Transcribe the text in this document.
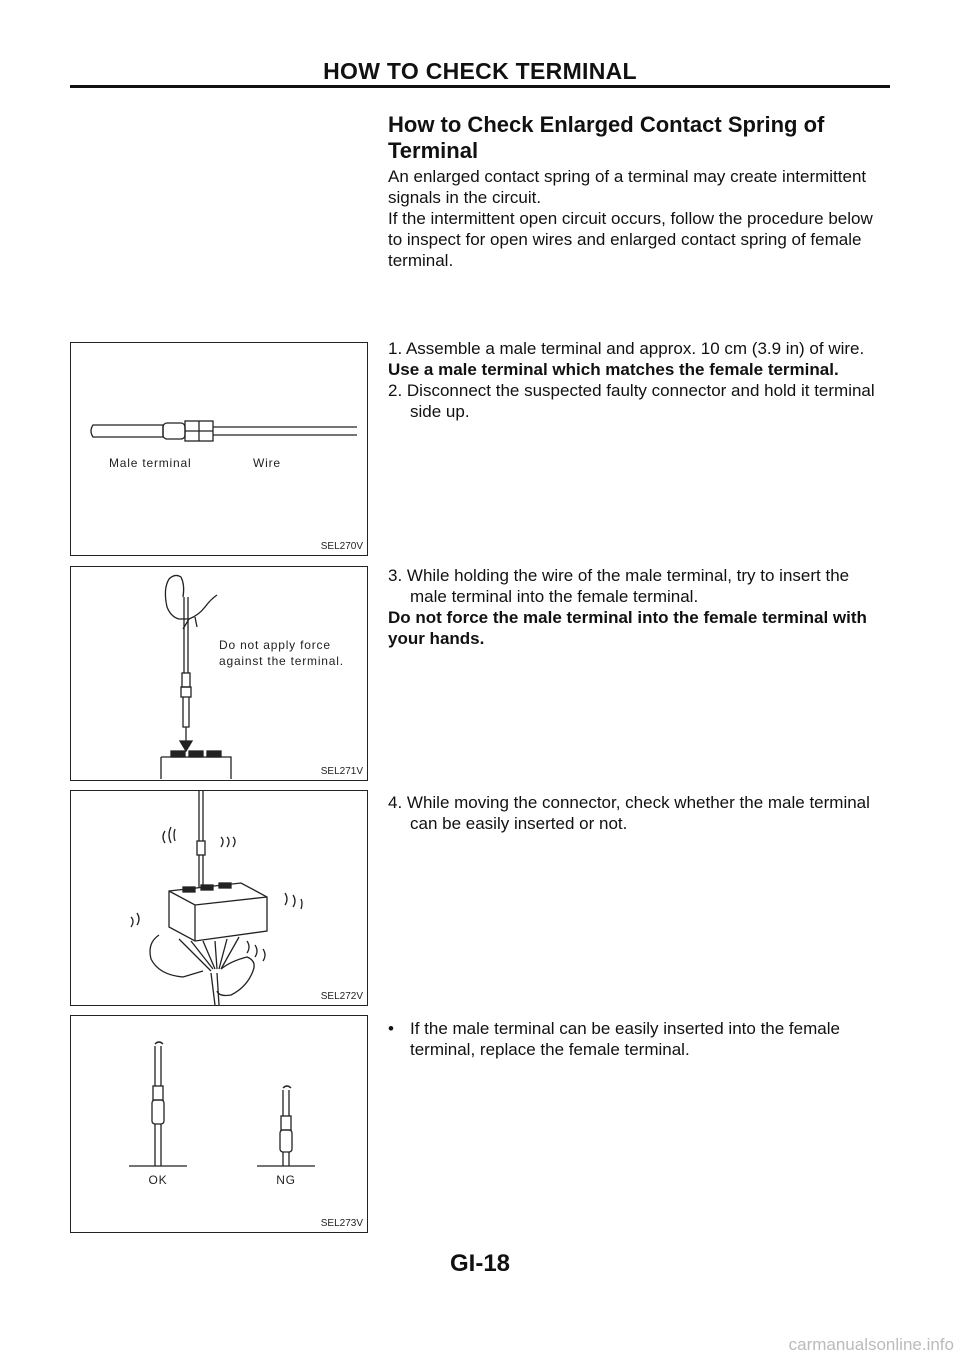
HOW TO CHECK TERMINAL
How to Check Enlarged Contact Spring of Terminal

An enlarged contact spring of a terminal may create intermittent signals in the circuit.

If the intermittent open circuit occurs, follow the procedure below to inspect for open wires and enlarged contact spring of female terminal.

1. Assemble a male terminal and approx. 10 cm (3.9 in) of wire.

Use a male terminal which matches the female terminal.

2. Disconnect the suspected faulty connector and hold it terminal side up.

3. While holding the wire of the male terminal, try to insert the male terminal into the female terminal.

Do not force the male terminal into the female terminal with your hands.

4. While moving the connector, check whether the male terminal can be easily inserted or not.

• If the male terminal can be easily inserted into the female terminal, replace the female terminal.

Male terminal	Wire
SEL270V
Do not apply force
against the terminal.
SEL271V
SEL272V
OK	NG
SEL273V
GI-18
carmanualsonline.info
